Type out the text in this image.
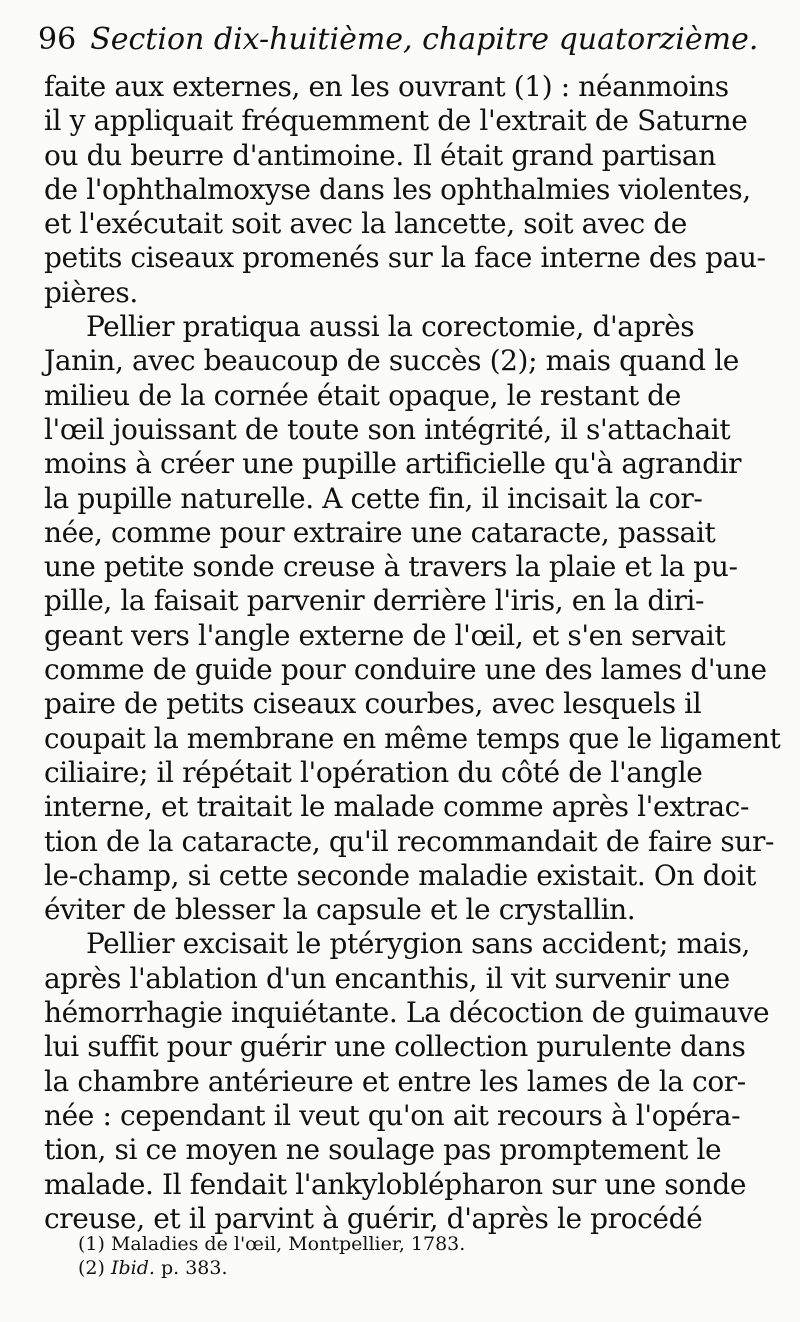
96 Section dix-huitième, chapitre quatorzième.
faite aux externes, en les ouvrant (1) : néanmoins
il y appliquait fréquemment de l'extrait de Saturne
ou du beurre d'antimoine. Il était grand partisan
de l'ophthalmoxyse dans les ophthalmies violentes,
et l'exécutait soit avec la lancette, soit avec de
petits ciseaux promenés sur la face interne des pau-
pières.
Pellier pratiqua aussi la corectomie, d'après
Janin, avec beaucoup de succès (2); mais quand le
milieu de la cornée était opaque, le restant de
l'œil jouissant de toute son intégrité, il s'attachait
moins à créer une pupille artificielle qu'à agrandir
la pupille naturelle. A cette fin, il incisait la cor-
née, comme pour extraire une cataracte, passait
une petite sonde creuse à travers la plaie et la pu-
pille, la faisait parvenir derrière l'iris, en la diri-
geant vers l'angle externe de l'œil, et s'en servait
comme de guide pour conduire une des lames d'une
paire de petits ciseaux courbes, avec lesquels il
coupait la membrane en même temps que le ligament
ciliaire; il répétait l'opération du côté de l'angle
interne, et traitait le malade comme après l'extrac-
tion de la cataracte, qu'il recommandait de faire sur-
le-champ, si cette seconde maladie existait. On doit
éviter de blesser la capsule et le crystallin.
Pellier excisait le ptérygion sans accident; mais,
après l'ablation d'un encanthis, il vit survenir une
hémorrhagie inquiétante. La décoction de guimauve
lui suffit pour guérir une collection purulente dans
la chambre antérieure et entre les lames de la cor-
née : cependant il veut qu'on ait recours à l'opéra-
tion, si ce moyen ne soulage pas promptement le
malade. Il fendait l'ankyloblépharon sur une sonde
creuse, et il parvint à guérir, d'après le procédé
(1) Maladies de l'œil, Montpellier, 1783.
(2) Ibid. p. 383.
